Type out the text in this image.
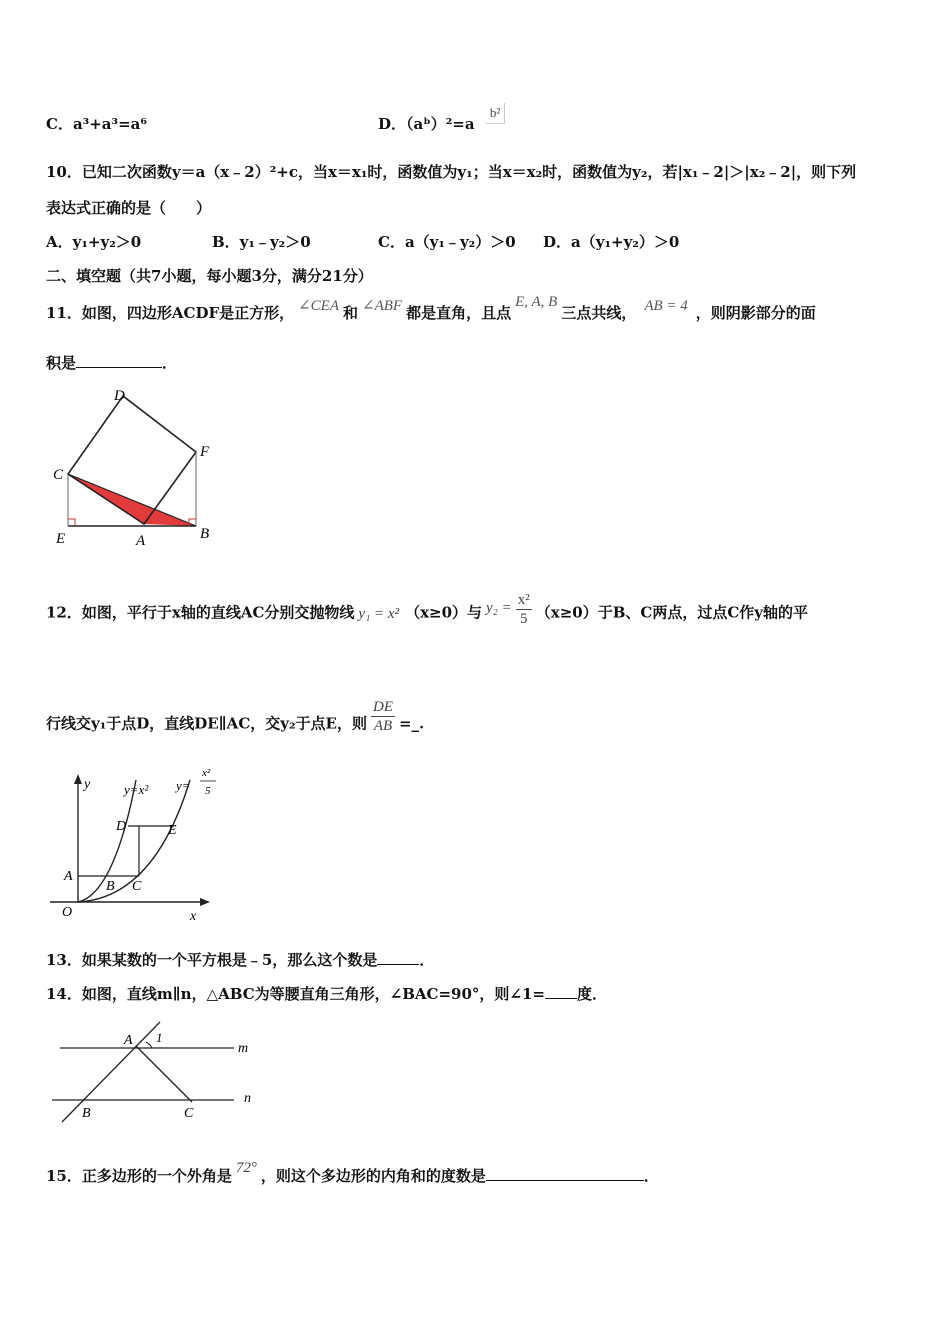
C．a³+a³=a⁶	D．（aᵇ）²=a b²
10．已知二次函数y＝a（x﹣2）²+c，当x＝x₁时，函数值为y₁；当x＝x₂时，函数值为y₂，若|x₁﹣2|＞|x₂﹣2|，则下列
表达式正确的是（　　）
A．y₁+y₂＞0	B．y₁﹣y₂＞0	C．a（y₁﹣y₂）＞0 D．a（y₁+y₂）＞0
二、填空题（共7小题，每小题3分，满分21分）
11．如图，四边形ACDF是正方形， ∠CEA 和 ∠ABF 都是直角，且点E, A, B三点共线， AB = 4 ，则阴影部分的面
积是	．
D
F
C
E	A	B
12．如图，平行于x轴的直线AC分别交抛物线 y₁ = x² （x≥0）与 $y_2 = \frac{\text{x²}}{5} (x\ge 0)$于B、C两点，过点C作y轴的平
行线交y₁于点D，直线DE∥AC，交y₂于点E，则 $\frac{DE}{AB}$ =_.
y
x
O
A
B C
D	E
y=x² y=
x²
5
13．如果某数的一个平方根是﹣5，那么这个数是	．
14．如图，直线m∥n，△ABC为等腰直角三角形，∠BAC=90°，则∠1= 度．
A 1
m
n
B	C
15．正多边形的一个外角是 72° ，则这个多边形的内角和的度数是	．
